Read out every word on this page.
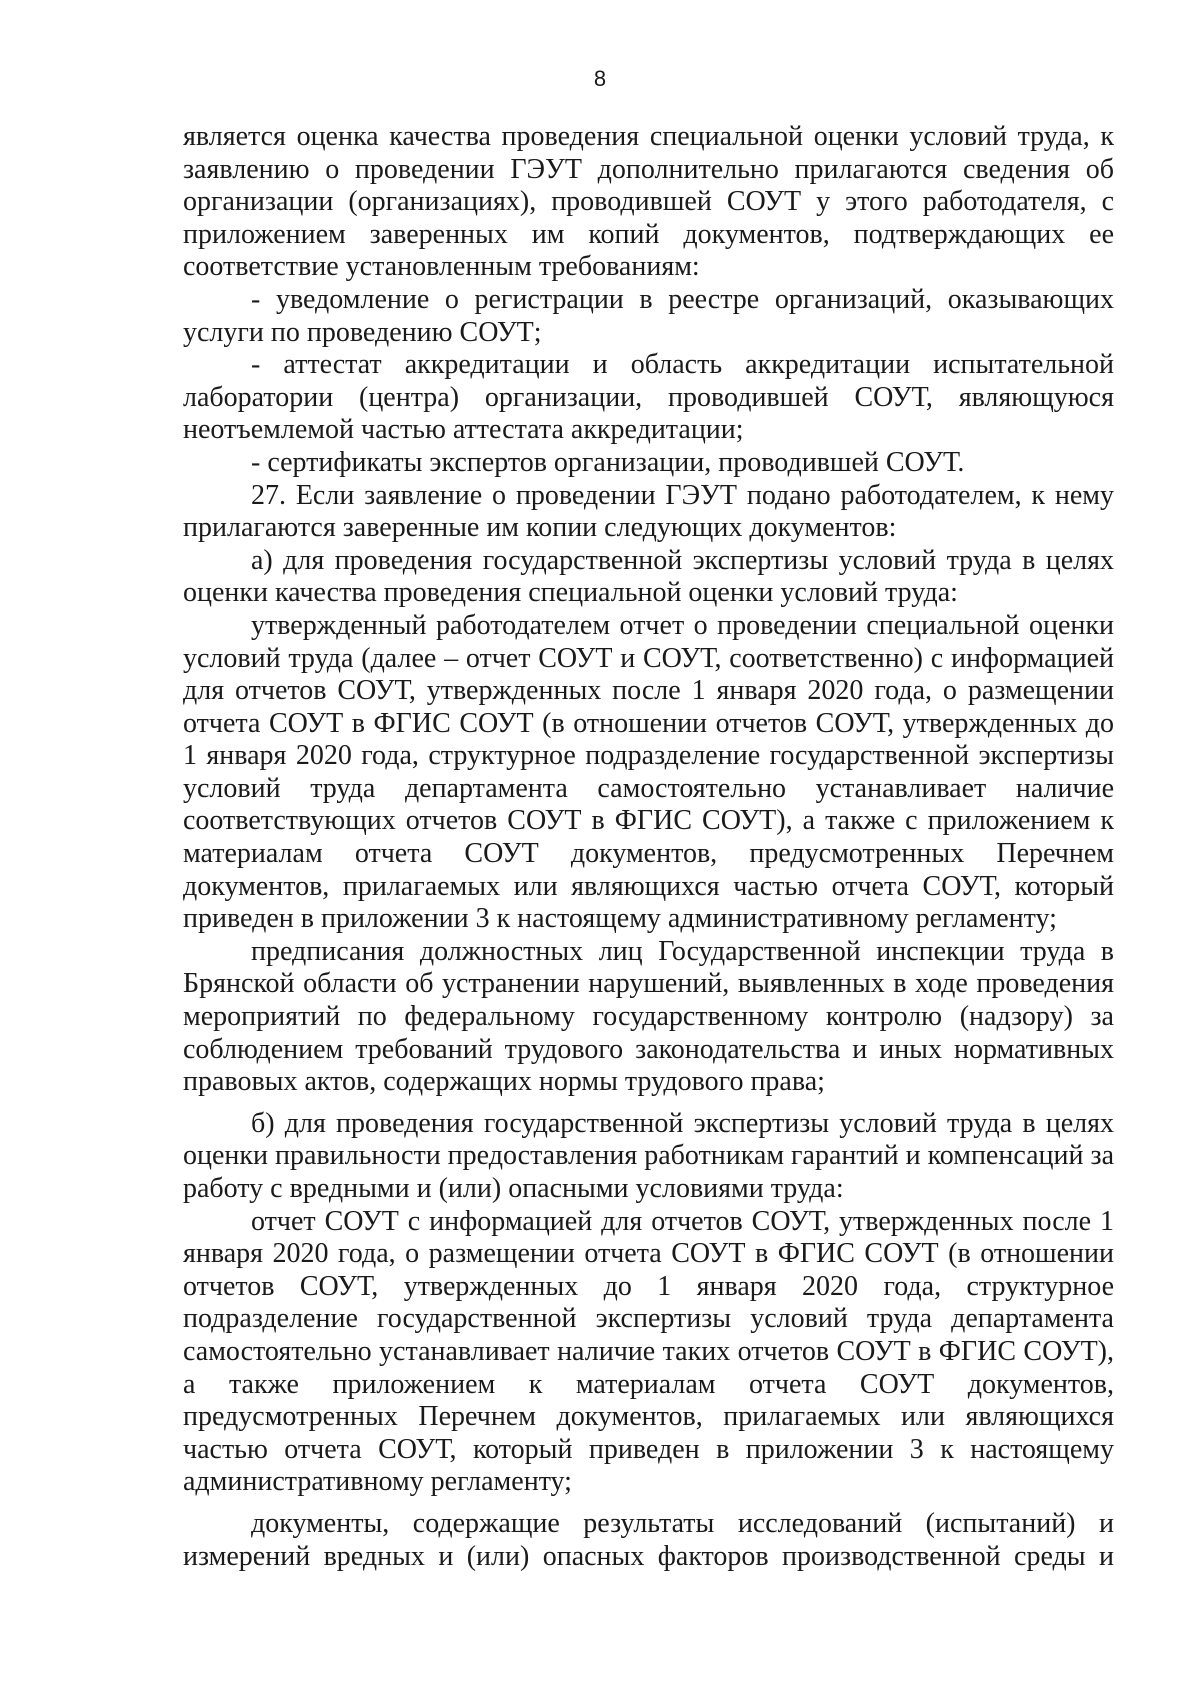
8

является оценка качества проведения специальной оценки условий труда, к заявлению о проведении ГЭУТ дополнительно прилагаются сведения об организации (организациях), проводившей СОУТ у этого работодателя, с приложением заверенных им копий документов, подтверждающих ее соответствие установленным требованиям:

- уведомление о регистрации в реестре организаций, оказывающих услуги по проведению СОУТ;

- аттестат аккредитации и область аккредитации испытательной лаборатории (центра) организации, проводившей СОУТ, являющуюся неотъемлемой частью аттестата аккредитации;

- сертификаты экспертов организации, проводившей СОУТ.

27. Если заявление о проведении ГЭУТ подано работодателем, к нему прилагаются заверенные им копии следующих документов:

а) для проведения государственной экспертизы условий труда в целях оценки качества проведения специальной оценки условий труда:

утвержденный работодателем отчет о проведении специальной оценки условий труда (далее – отчет СОУТ и СОУТ, соответственно) с информацией для отчетов СОУТ, утвержденных после 1 января 2020 года, о размещении отчета СОУТ в ФГИС СОУТ (в отношении отчетов СОУТ, утвержденных до 1 января 2020 года, структурное подразделение государственной экспертизы условий труда департамента самостоятельно устанавливает наличие соответствующих отчетов СОУТ в ФГИС СОУТ), а также с приложением к материалам отчета СОУТ документов, предусмотренных Перечнем документов, прилагаемых или являющихся частью отчета СОУТ, который приведен в приложении 3 к настоящему административному регламенту;

предписания должностных лиц Государственной инспекции труда в Брянской области об устранении нарушений, выявленных в ходе проведения мероприятий по федеральному государственному контролю (надзору) за соблюдением требований трудового законодательства и иных нормативных правовых актов, содержащих нормы трудового права;

б) для проведения государственной экспертизы условий труда в целях оценки правильности предоставления работникам гарантий и компенсаций за работу с вредными и (или) опасными условиями труда:

отчет СОУТ с информацией для отчетов СОУТ, утвержденных после 1 января 2020 года, о размещении отчета СОУТ в ФГИС СОУТ (в отношении отчетов СОУТ, утвержденных до 1 января 2020 года, структурное подразделение государственной экспертизы условий труда департамента самостоятельно устанавливает наличие таких отчетов СОУТ в ФГИС СОУТ), а также приложением к материалам отчета СОУТ документов, предусмотренных Перечнем документов, прилагаемых или являющихся частью отчета СОУТ, который приведен в приложении 3 к настоящему административному регламенту;

документы, содержащие результаты исследований (испытаний) и измерений вредных и (или) опасных факторов производственной среды и
